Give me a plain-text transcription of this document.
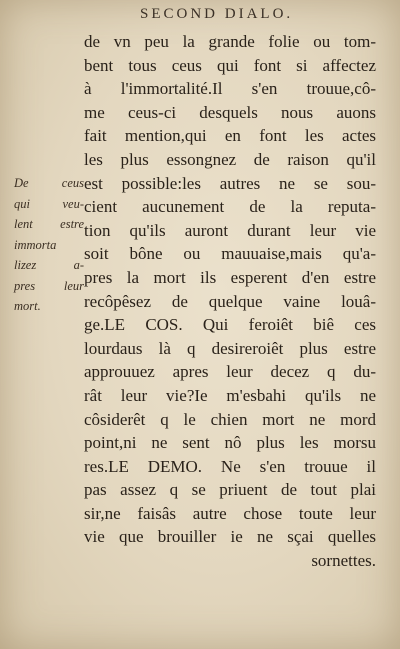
SECOND DIALO.
De ceus
qui veu-
lent estre
immorta
lizez a-
pres leur
mort.
de vn peu la grande folie ou tom-
bent tous ceus qui font si affectez
à l'immortalité.Il s'en trouue,cô-
me ceus-ci desquels nous auons
fait mention,qui en font les actes
les plus essongnez de raison qu'il
est possible:les autres ne se sou-
cient aucunement de la reputa-
tion qu'ils auront durant leur vie
soit bône ou mauuaise,mais qu'a-
pres la mort ils esperent d'en estre
recôpêsez de quelque vaine louâ-
ge.LE COS. Qui feroiêt biê ces
lourdaus là q desireroiêt plus estre
approuuez apres leur decez q du-
rât leur vie?Ie m'esbahi qu'ils ne
côsiderêt q le chien mort ne mord
point,ni ne sent nô plus les morsu
res.LE DEMO. Ne s'en trouue il
pas assez q se priuent de tout plai
sir,ne faisâs autre chose toute leur
vie que brouiller ie ne sçai quelles
sornettes.
